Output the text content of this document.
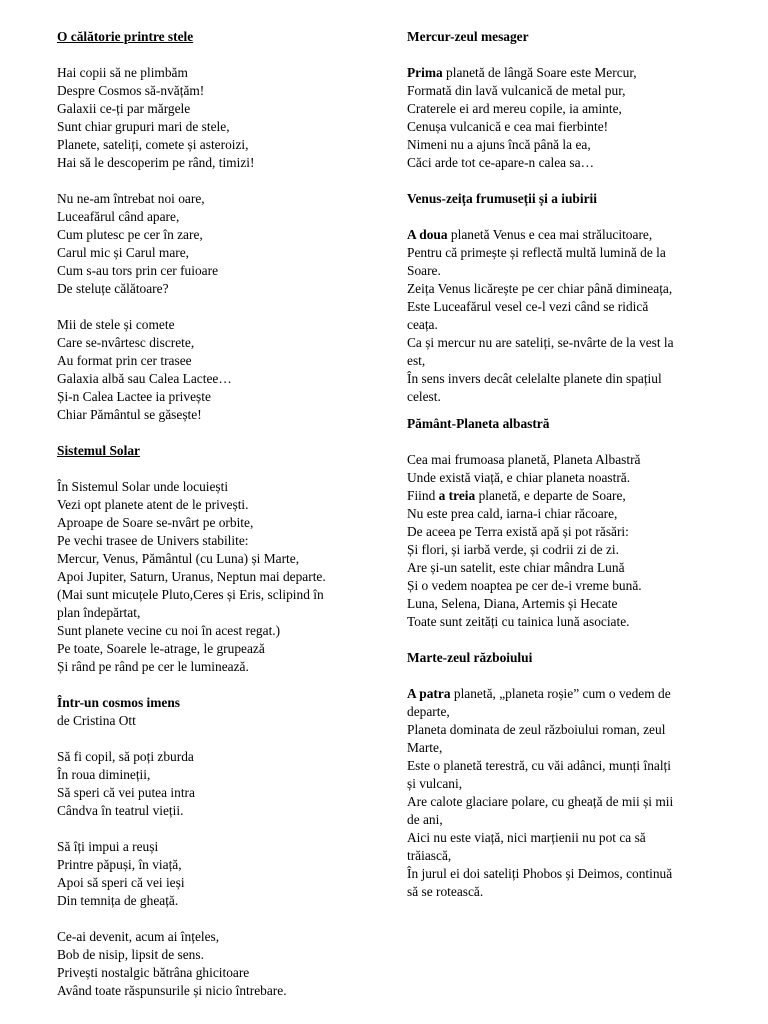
O călătorie printre stele

Hai copii să ne plimbăm

Despre Cosmos să-nvățăm!

Galaxii ce-ți par mărgele

Sunt chiar grupuri mari de stele,

Planete, sateliți, comete și asteroizi,

Hai să le descoperim pe rând, timizi!

Nu ne-am întrebat noi oare,

Luceafărul când apare,

Cum plutesc pe cer în zare,

Carul mic și Carul mare,

Cum s-au tors prin cer fuioare

De steluțe călătoare?

Mii de stele și comete

Care se-nvârtesc discrete,

Au format prin cer trasee

Galaxia albă sau Calea Lactee…

Și-n Calea Lactee ia privește

Chiar Pământul se găsește!

Sistemul Solar

În Sistemul Solar unde locuiești

Vezi opt planete atent de le privești.

Aproape de Soare se-nvârt pe orbite,

Pe vechi trasee de Univers stabilite:

Mercur, Venus, Pământul (cu Luna) și Marte,

Apoi Jupiter, Saturn, Uranus, Neptun mai departe.

(Mai sunt micuțele Pluto,Ceres și Eris, sclipind în

plan îndepărtat,

Sunt planete vecine cu noi în acest regat.)

Pe toate, Soarele le-atrage, le grupează

Și rând pe rând pe cer le luminează.

Într-un cosmos imens

de Cristina Ott

Să fi copil, să poți zburda

În roua dimineții,

Să speri că vei putea intra

Cândva în teatrul vieții.

Să îți impui a reuși

Printre păpuși, în viață,

Apoi să speri că vei ieși

Din temnița de gheață.

Ce-ai devenit, acum ai înțeles,

Bob de nisip, lipsit de sens.

Privești nostalgic bătrâna ghicitoare

Având toate răspunsurile și nicio întrebare.

Mercur-zeul mesager

Prima planetă de lângă Soare este Mercur,

Formată din lavă vulcanică de metal pur,

Craterele ei ard mereu copile, ia aminte,

Cenușa vulcanică e cea mai fierbinte!

Nimeni nu a ajuns încă până la ea,

Căci arde tot ce-apare-n calea sa…

Venus-zeița frumuseții și a iubirii

A doua planetă Venus e cea mai strălucitoare,

Pentru că primește și reflectă multă lumină de la

Soare.

Zeița Venus licărește pe cer chiar până dimineața,

Este Luceafărul vesel ce-l vezi când se ridică

ceața.

Ca și mercur nu are sateliți, se-nvârte de la vest la

est,

În sens invers decât celelalte planete din spațiul

celest.

Pământ-Planeta albastră

Cea mai frumoasa planetă, Planeta Albastră

Unde există viață, e chiar planeta noastră.

Fiind a treia planetă, e departe de Soare,

Nu este prea cald, iarna-i chiar răcoare,

De aceea pe Terra există apă și pot răsări:

Și flori, și iarbă verde, și codrii zi de zi.

Are și-un satelit, este chiar mândra Lună

Și o vedem noaptea pe cer de-i vreme bună.

Luna, Selena, Diana, Artemis și Hecate

Toate sunt zeități cu tainica lună asociate.

Marte-zeul războiului

A patra planetă, „planeta roșie” cum o vedem de

departe,

Planeta dominata de zeul războiului roman, zeul

Marte,

Este o planetă terestră, cu văi adânci, munți înalți

și vulcani,

Are calote glaciare polare, cu gheață de mii și mii

de ani,

Aici nu este viață, nici marțienii nu pot ca să

trăiască,

În jurul ei doi sateliți Phobos și Deimos, continuă

să se rotească.
